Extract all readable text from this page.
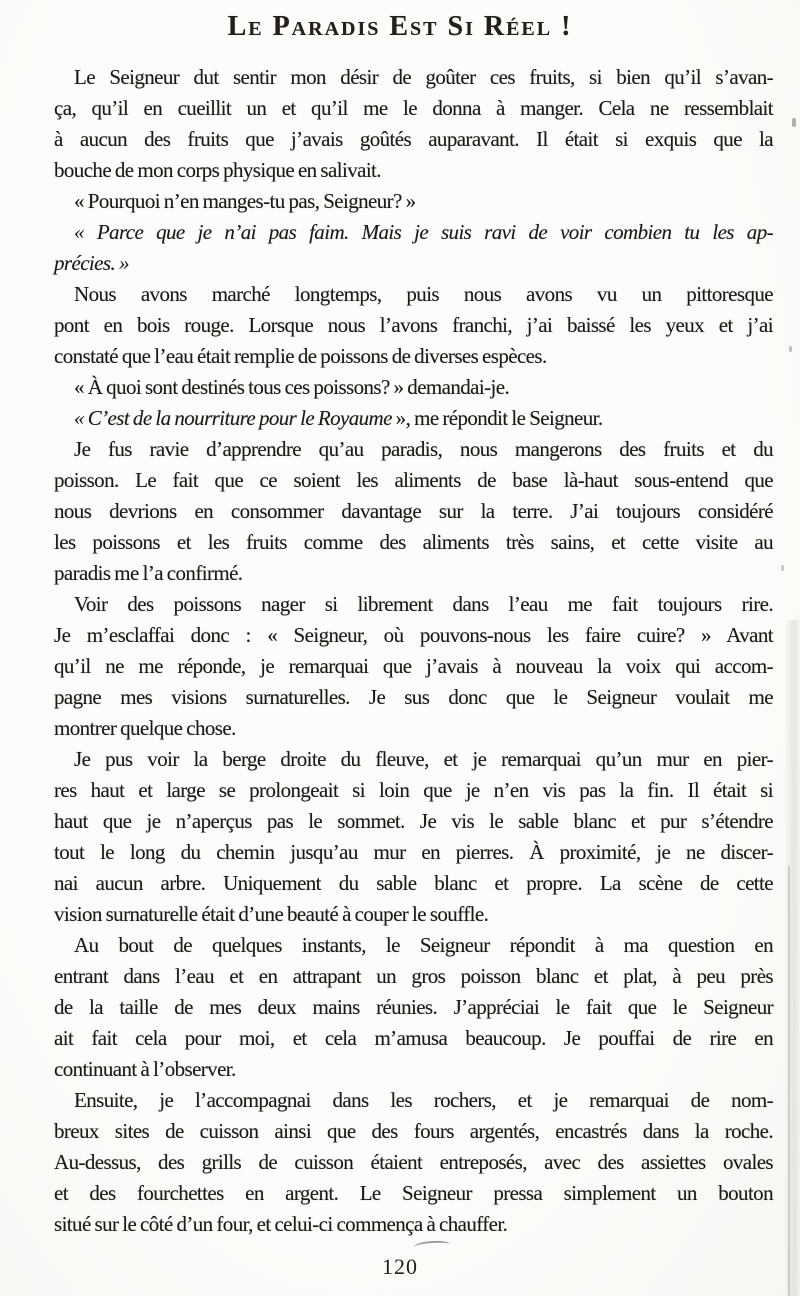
Le Paradis Est Si Réel !

Le Seigneur dut sentir mon désir de goûter ces fruits, si bien qu’il s’avan-
ça, qu’il en cueillit un et qu’il me le donna à manger. Cela ne ressemblait
à aucun des fruits que j’avais goûtés auparavant. Il était si exquis que la
bouche de mon corps physique en salivait.

« Pourquoi n’en manges-tu pas, Seigneur? »

« Parce que je n’ai pas faim. Mais je suis ravi de voir combien tu les ap-
précies. »

Nous avons marché longtemps, puis nous avons vu un pittoresque
pont en bois rouge. Lorsque nous l’avons franchi, j’ai baissé les yeux et j’ai
constaté que l’eau était remplie de poissons de diverses espèces.

« À quoi sont destinés tous ces poissons? » demandai-je.

« C’est de la nourriture pour le Royaume », me répondit le Seigneur.

Je fus ravie d’apprendre qu’au paradis, nous mangerons des fruits et du
poisson. Le fait que ce soient les aliments de base là-haut sous-entend que
nous devrions en consommer davantage sur la terre. J’ai toujours considéré
les poissons et les fruits comme des aliments très sains, et cette visite au
paradis me l’a confirmé.

Voir des poissons nager si librement dans l’eau me fait toujours rire.
Je m’esclaffai donc : « Seigneur, où pouvons-nous les faire cuire? » Avant
qu’il ne me réponde, je remarquai que j’avais à nouveau la voix qui accom-
pagne mes visions surnaturelles. Je sus donc que le Seigneur voulait me
montrer quelque chose.

Je pus voir la berge droite du fleuve, et je remarquai qu’un mur en pier-
res haut et large se prolongeait si loin que je n’en vis pas la fin. Il était si
haut que je n’aperçus pas le sommet. Je vis le sable blanc et pur s’étendre
tout le long du chemin jusqu’au mur en pierres. À proximité, je ne discer-
nai aucun arbre. Uniquement du sable blanc et propre. La scène de cette
vision surnaturelle était d’une beauté à couper le souffle.

Au bout de quelques instants, le Seigneur répondit à ma question en
entrant dans l’eau et en attrapant un gros poisson blanc et plat, à peu près
de la taille de mes deux mains réunies. J’appréciai le fait que le Seigneur
ait fait cela pour moi, et cela m’amusa beaucoup. Je pouffai de rire en
continuant à l’observer.

Ensuite, je l’accompagnai dans les rochers, et je remarquai de nom-
breux sites de cuisson ainsi que des fours argentés, encastrés dans la roche.
Au-dessus, des grills de cuisson étaient entreposés, avec des assiettes ovales
et des fourchettes en argent. Le Seigneur pressa simplement un bouton
situé sur le côté d’un four, et celui-ci commença à chauffer.

120
